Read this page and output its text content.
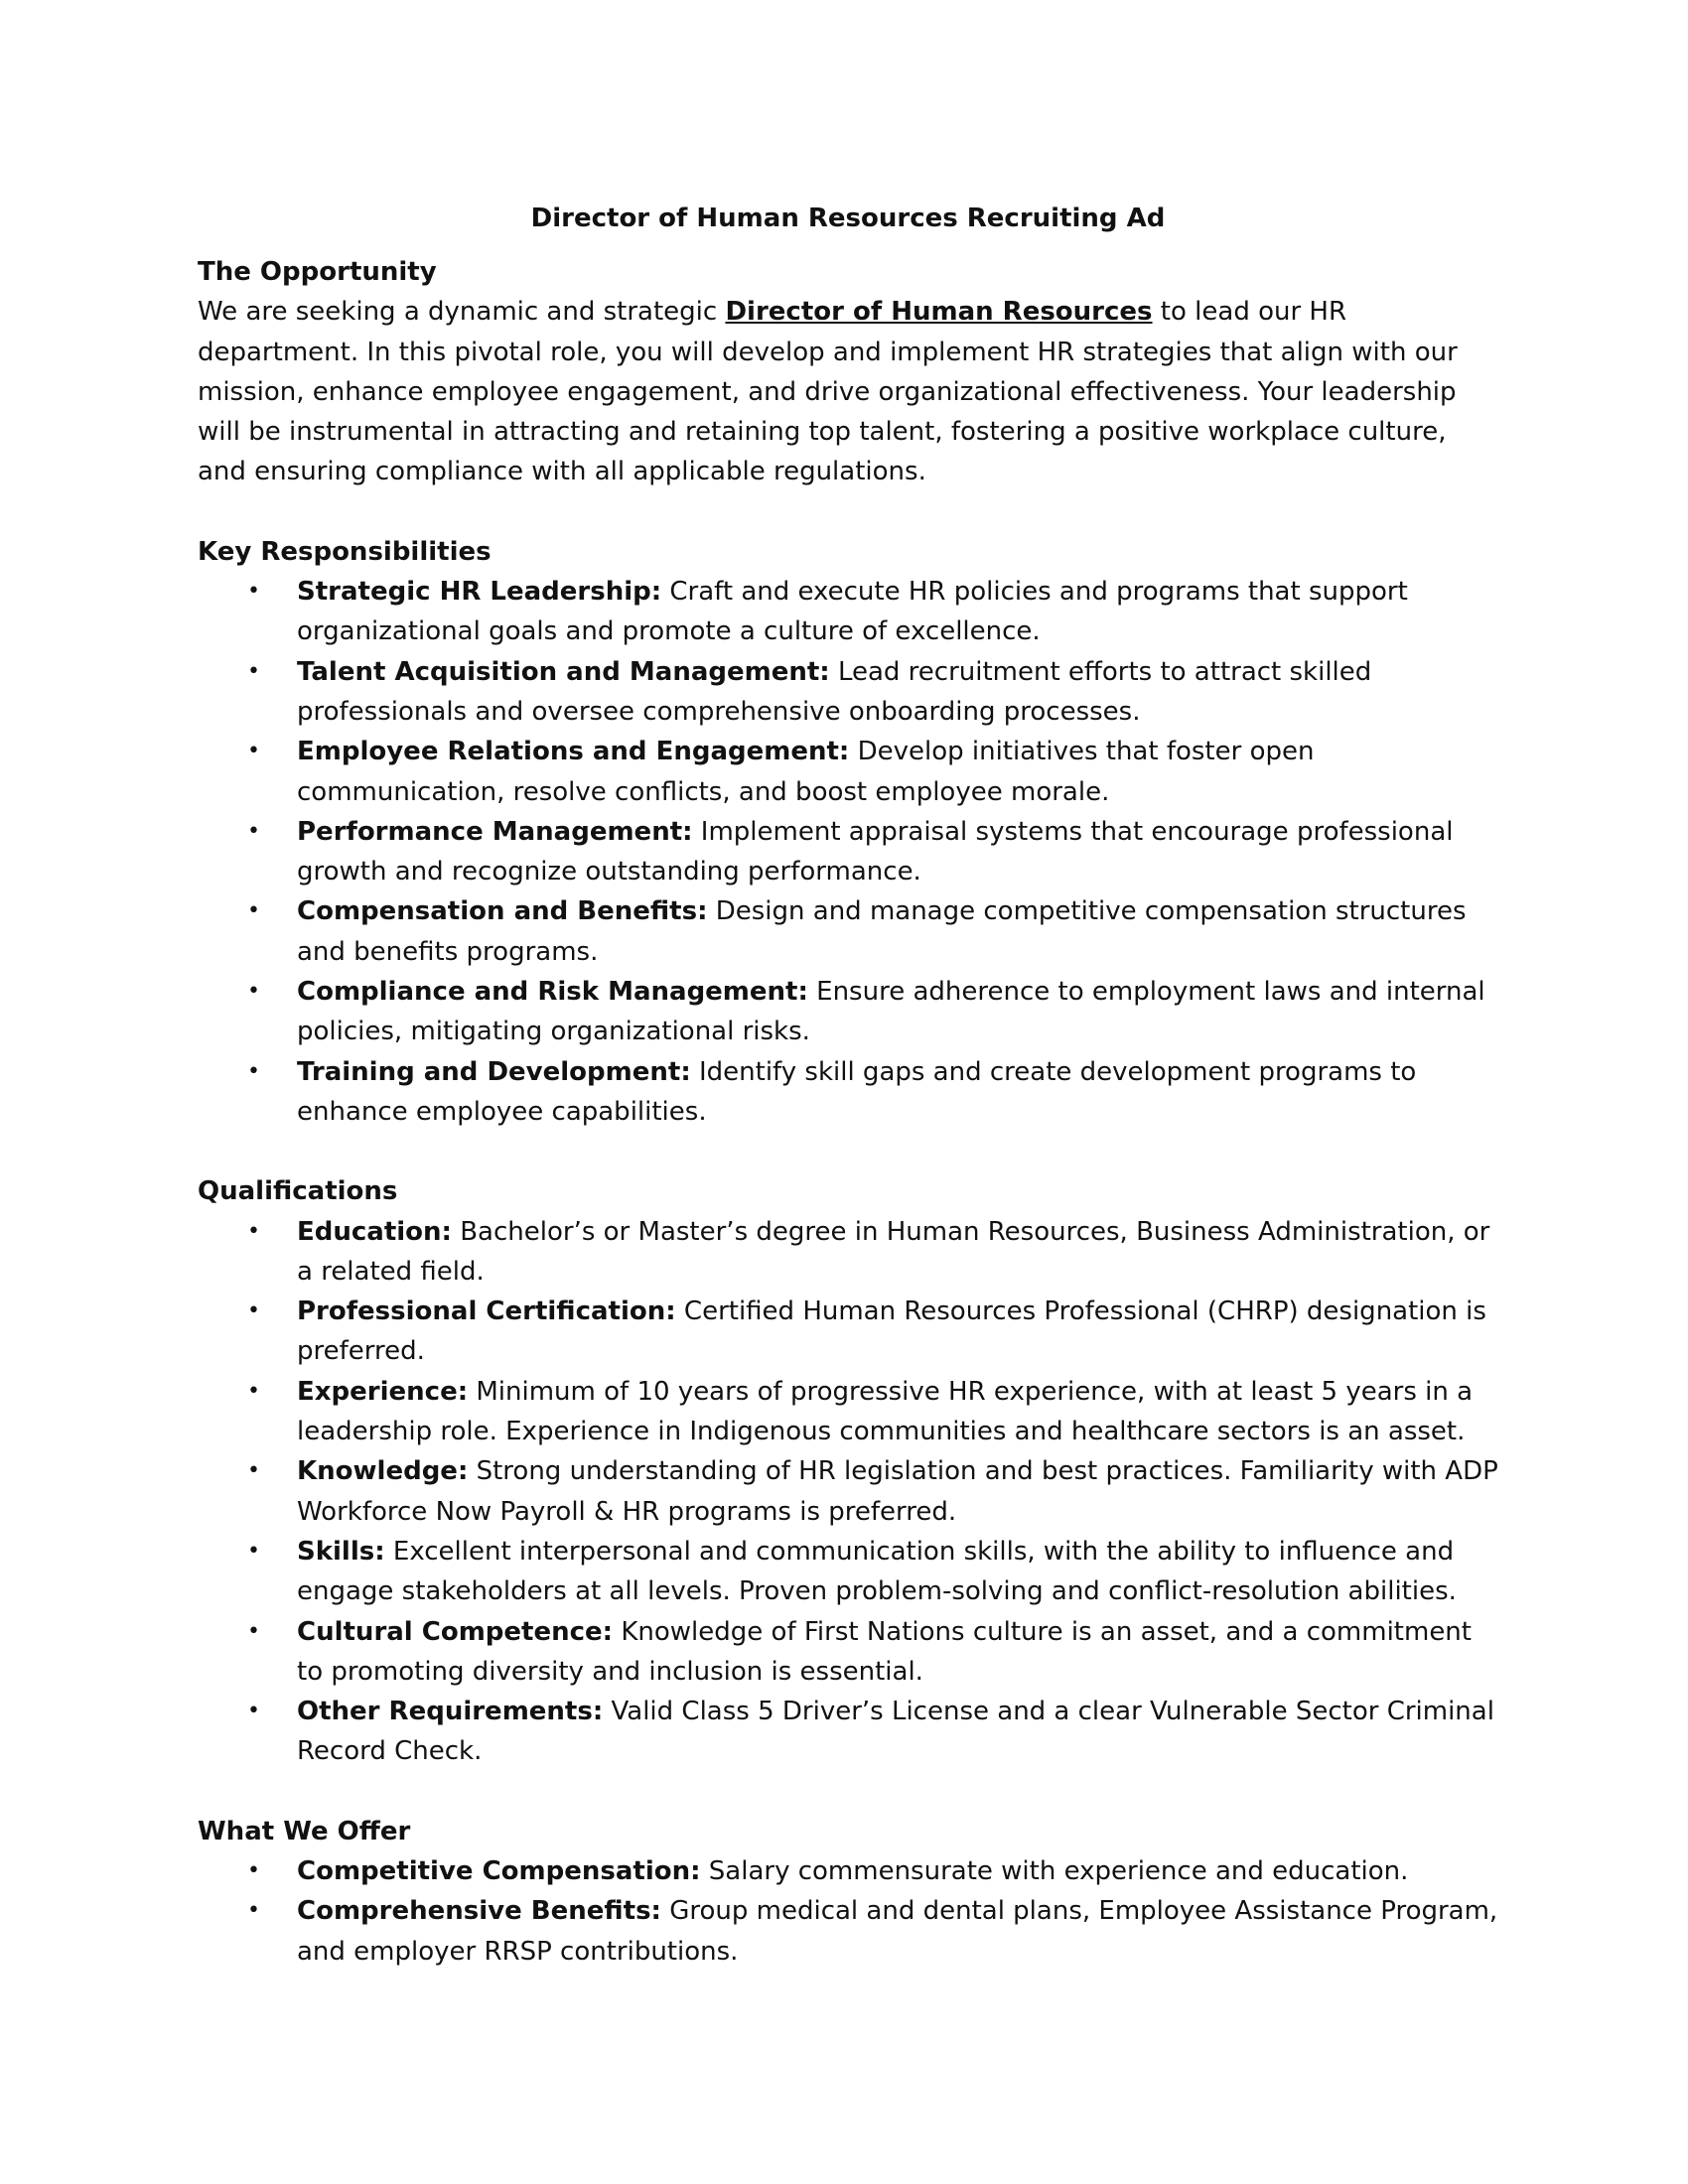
Director of Human Resources Recruiting Ad
The Opportunity

We are seeking a dynamic and strategic Director of Human Resources to lead our HR department. In this pivotal role, you will develop and implement HR strategies that align with our mission, enhance employee engagement, and drive organizational effectiveness. Your leadership will be instrumental in attracting and retaining top talent, fostering a positive workplace culture, and ensuring compliance with all applicable regulations.

Key Responsibilities
• Strategic HR Leadership: Craft and execute HR policies and programs that support organizational goals and promote a culture of excellence.
• Talent Acquisition and Management: Lead recruitment efforts to attract skilled professionals and oversee comprehensive onboarding processes.
• Employee Relations and Engagement: Develop initiatives that foster open communication, resolve conflicts, and boost employee morale.
• Performance Management: Implement appraisal systems that encourage professional growth and recognize outstanding performance.
• Compensation and Benefits: Design and manage competitive compensation structures and benefits programs.
• Compliance and Risk Management: Ensure adherence to employment laws and internal policies, mitigating organizational risks.
• Training and Development: Identify skill gaps and create development programs to enhance employee capabilities.
Qualifications
• Education: Bachelor’s or Master’s degree in Human Resources, Business Administration, or a related field.
• Professional Certification: Certified Human Resources Professional (CHRP) designation is preferred.
• Experience: Minimum of 10 years of progressive HR experience, with at least 5 years in a leadership role. Experience in Indigenous communities and healthcare sectors is an asset.
• Knowledge: Strong understanding of HR legislation and best practices. Familiarity with ADP Workforce Now Payroll & HR programs is preferred.
• Skills: Excellent interpersonal and communication skills, with the ability to influence and engage stakeholders at all levels. Proven problem-solving and conflict-resolution abilities.
• Cultural Competence: Knowledge of First Nations culture is an asset, and a commitment to promoting diversity and inclusion is essential.
• Other Requirements: Valid Class 5 Driver’s License and a clear Vulnerable Sector Criminal Record Check.
What We Offer
• Competitive Compensation: Salary commensurate with experience and education.
• Comprehensive Benefits: Group medical and dental plans, Employee Assistance Program, and employer RRSP contributions.
